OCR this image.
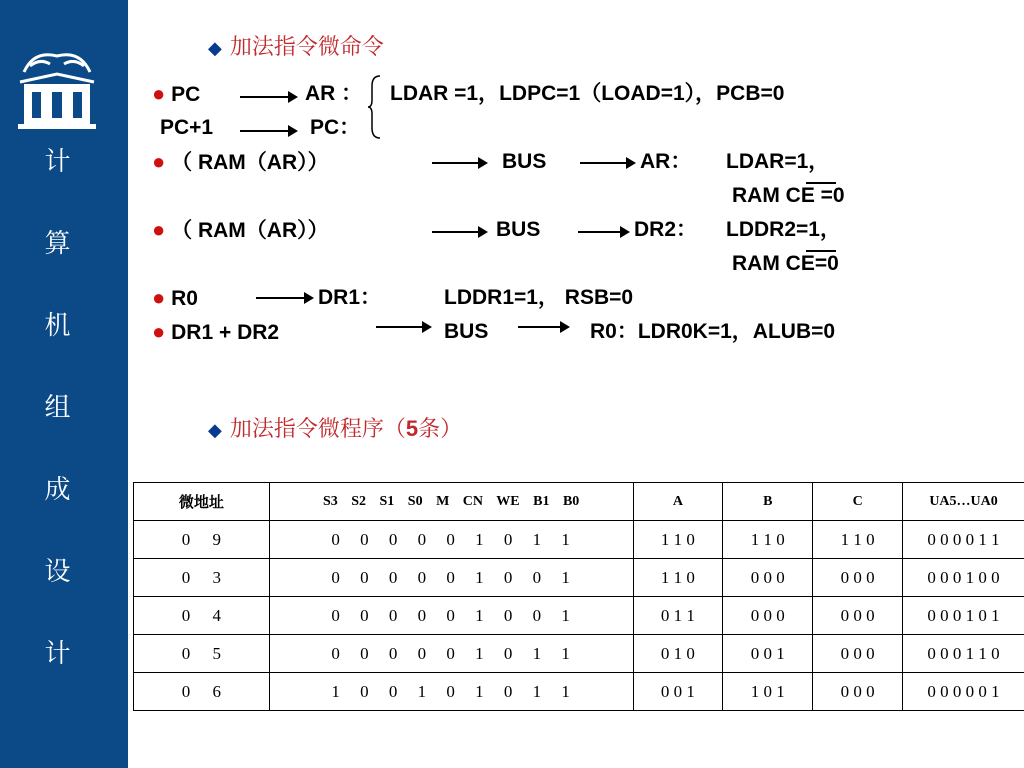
计
算
机
组
成
设
计
◆ 加法指令微命令
● PC	AR ： LDAR =1，LDPC=1（LOAD=1），PCB=0
PC+1	PC：
● （ RAM（AR））	BUS	AR： LDAR=1，
RAM CE =0
● （ RAM（AR））	BUS	DR2： LDDR2=1，
RAM CE=0
● R0	DR1：	LDDR1=1， RSB=0
● DR1 + DR2	BUS	R0：LDR0K=1，ALUB=0
◆ 加法指令微程序（5条）
微地址	S3 S2 S1 S0 M CN WE B1 B0	A	B	C	UA5…UA0
0 9	0 0 0 0 0 1 0 1 1	1 1 0	1 1 0	1 1 0	0 0 0 0 1 1
0 3	0 0 0 0 0 1 0 0 1	1 1 0	0 0 0	0 0 0	0 0 0 1 0 0
0 4	0 0 0 0 0 1 0 0 1	0 1 1	0 0 0	0 0 0	0 0 0 1 0 1
0 5	0 0 0 0 0 1 0 1 1	0 1 0	0 0 1	0 0 0	0 0 0 1 1 0
0 6	1 0 0 1 0 1 0 1 1	0 0 1	1 0 1	0 0 0	0 0 0 0 0 1
